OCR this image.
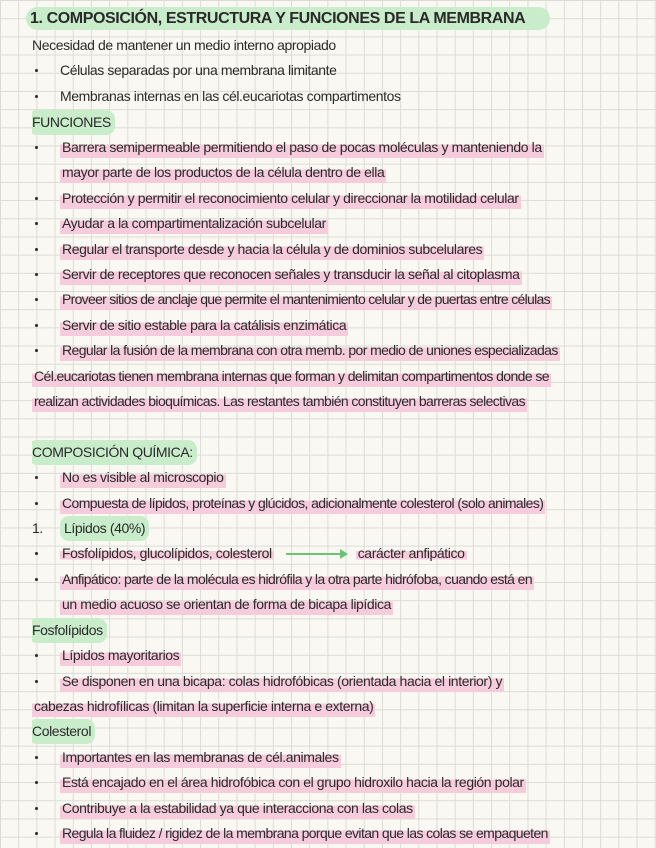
1. COMPOSICIÓN, ESTRUCTURA Y FUNCIONES DE LA MEMBRANA
Necesidad de mantener un medio interno apropiado
Células separadas por una membrana limitante
Membranas internas en las cél.eucariotas compartimentos
FUNCIONES
Barrera semipermeable permitiendo el paso de pocas moléculas y manteniendo la
mayor parte de los productos de la célula dentro de ella
Protección y permitir el reconocimiento celular y direccionar la motilidad celular
Ayudar a la compartimentalización subcelular
Regular el transporte desde y hacia la célula y de dominios subcelulares
Servir de receptores que reconocen señales y transducir la señal al citoplasma
Proveer sitios de anclaje que permite el mantenimiento celular y de puertas entre células
Servir de sitio estable para la catálisis enzimática
Regular la fusión de la membrana con otra memb. por medio de uniones especializadas
Cél.eucariotas tienen membrana internas que forman y delimitan compartimentos donde se
realizan actividades bioquímicas. Las restantes también constituyen barreras selectivas
COMPOSICIÓN QUÍMICA:
No es visible al microscopio
Compuesta de lípidos, proteínas y glúcidos, adicionalmente colesterol (solo animales)
1. Lípidos (40%)
Fosfolípidos, glucolípidos, colesterol	carácter anfipático
Anfipático: parte de la molécula es hidrófila y la otra parte hidrófoba, cuando está en
un medio acuoso se orientan de forma de bicapa lipídica
Fosfolípidos
Lípidos mayoritarios
Se disponen en una bicapa: colas hidrofóbicas (orientada hacia el interior) y
cabezas hidrofílicas (limitan la superficie interna e externa)
Colesterol
Importantes en las membranas de cél.animales
Está encajado en el área hidrofóbica con el grupo hidroxilo hacia la región polar
Contribuye a la estabilidad ya que interacciona con las colas
Regula la fluidez / rigidez de la membrana porque evitan que las colas se empaqueten
